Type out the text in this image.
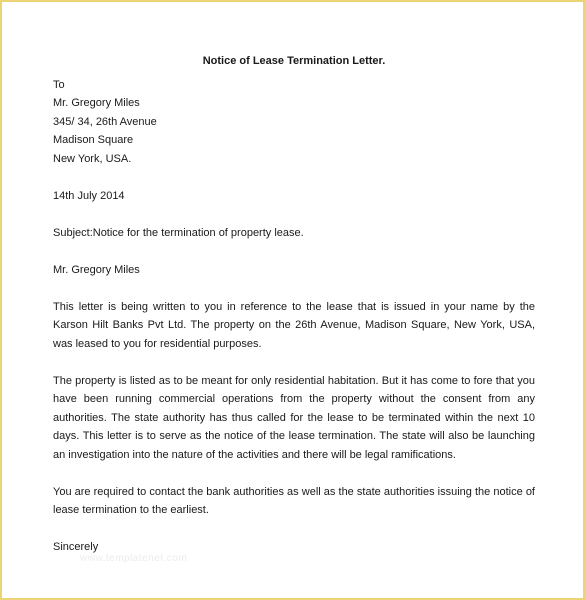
Notice of Lease Termination Letter.

To

Mr. Gregory Miles

345/ 34, 26th Avenue

Madison Square

New York, USA.

14th July 2014

Subject:Notice for the termination of property lease.

Mr. Gregory Miles

This letter is being written to you in reference to the lease that is issued in your name by the Karson Hilt Banks Pvt Ltd. The property on the 26th Avenue, Madison Square, New York, USA, was leased to you for residential purposes.

The property is listed as to be meant for only residential habitation. But it has come to fore that you have been running commercial operations from the property without the consent from any authorities. The state authority has thus called for the lease to be terminated within the next 10 days. This letter is to serve as the notice of the lease termination. The state will also be launching an investigation into the nature of the activities and there will be legal ramifications.

You are required to contact the bank authorities as well as the state authorities issuing the notice of lease termination to the earliest.

Sincerely

www.templatenet.com
